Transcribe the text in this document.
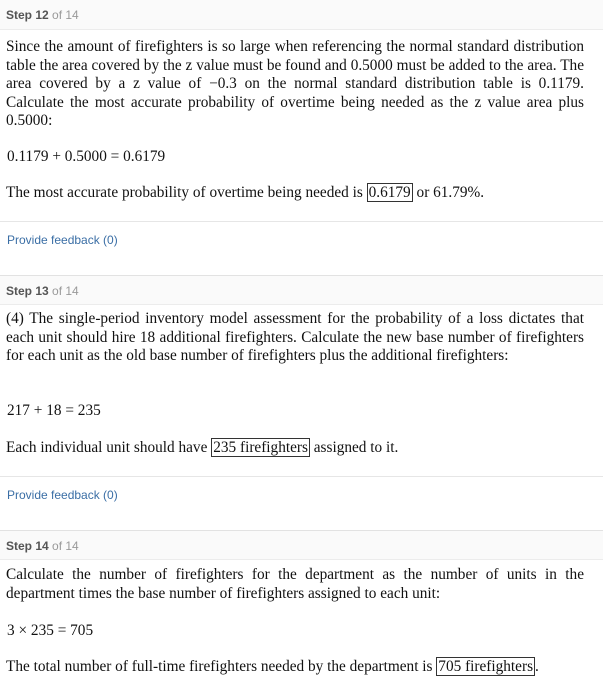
Step 12 of 14

Since the amount of firefighters is so large when referencing the normal standard distribution table the area covered by the z value must be found and 0.5000 must be added to the area. The area covered by a z value of −0.3 on the normal standard distribution table is 0.1179. Calculate the most accurate probability of overtime being needed as the z value area plus 0.5000:

0.1179 + 0.5000 = 0.6179

The most accurate probability of overtime being needed is 0.6179 or 61.79%.

Provide feedback (0)
Step 13 of 14

(4) The single-period inventory model assessment for the probability of a loss dictates that each unit should hire 18 additional firefighters. Calculate the new base number of firefighters for each unit as the old base number of firefighters plus the additional firefighters:

217 + 18 = 235

Each individual unit should have 235 firefighters assigned to it.

Provide feedback (0)
Step 14 of 14

Calculate the number of firefighters for the department as the number of units in the department times the base number of firefighters assigned to each unit:

3 × 235 = 705

The total number of full-time firefighters needed by the department is 705 firefighters .
